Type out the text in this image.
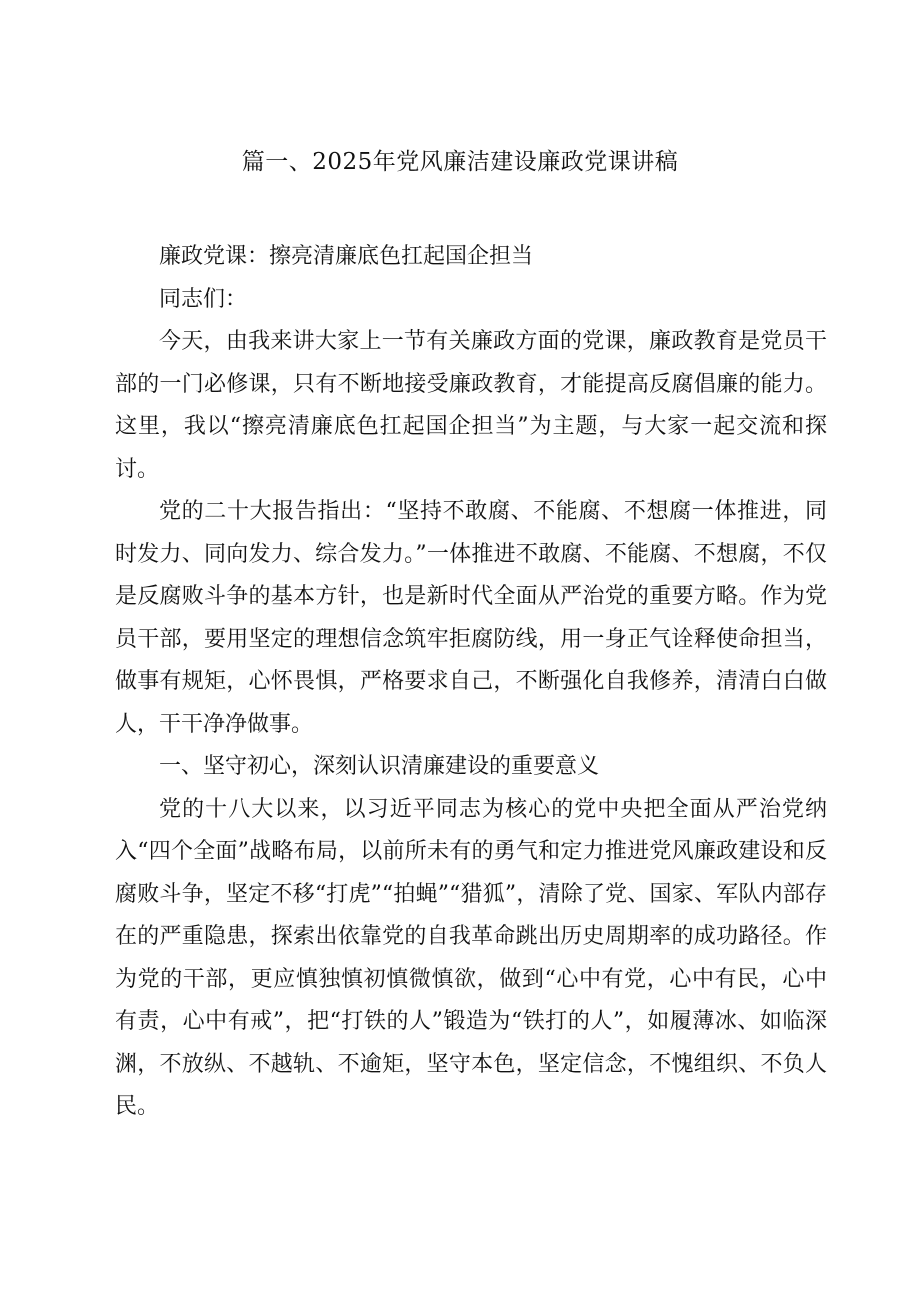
篇一、2025年党风廉洁建设廉政党课讲稿

廉政党课：擦亮清廉底色扛起国企担当

同志们：

今天，由我来讲大家上一节有关廉政方面的党课，廉政教育是党员干部的一门必修课，只有不断地接受廉政教育，才能提高反腐倡廉的能力。这里，我以“擦亮清廉底色扛起国企担当”为主题，与大家一起交流和探讨。

党的二十大报告指出：“坚持不敢腐、不能腐、不想腐一体推进，同时发力、同向发力、综合发力。”一体推进不敢腐、不能腐、不想腐，不仅是反腐败斗争的基本方针，也是新时代全面从严治党的重要方略。作为党员干部，要用坚定的理想信念筑牢拒腐防线，用一身正气诠释使命担当，做事有规矩，心怀畏惧，严格要求自己，不断强化自我修养，清清白白做人，干干净净做事。

一、坚守初心，深刻认识清廉建设的重要意义

党的十八大以来，以习近平同志为核心的党中央把全面从严治党纳入“四个全面”战略布局，以前所未有的勇气和定力推进党风廉政建设和反腐败斗争，坚定不移“打虎”“拍蝇”“猎狐”，清除了党、国家、军队内部存在的严重隐患，探索出依靠党的自我革命跳出历史周期率的成功路径。作为党的干部，更应慎独慎初慎微慎欲，做到“心中有党，心中有民，心中有责，心中有戒”，把“打铁的人”锻造为“铁打的人”，如履薄冰、如临深渊，不放纵、不越轨、不逾矩，坚守本色，坚定信念，不愧组织、不负人民。
